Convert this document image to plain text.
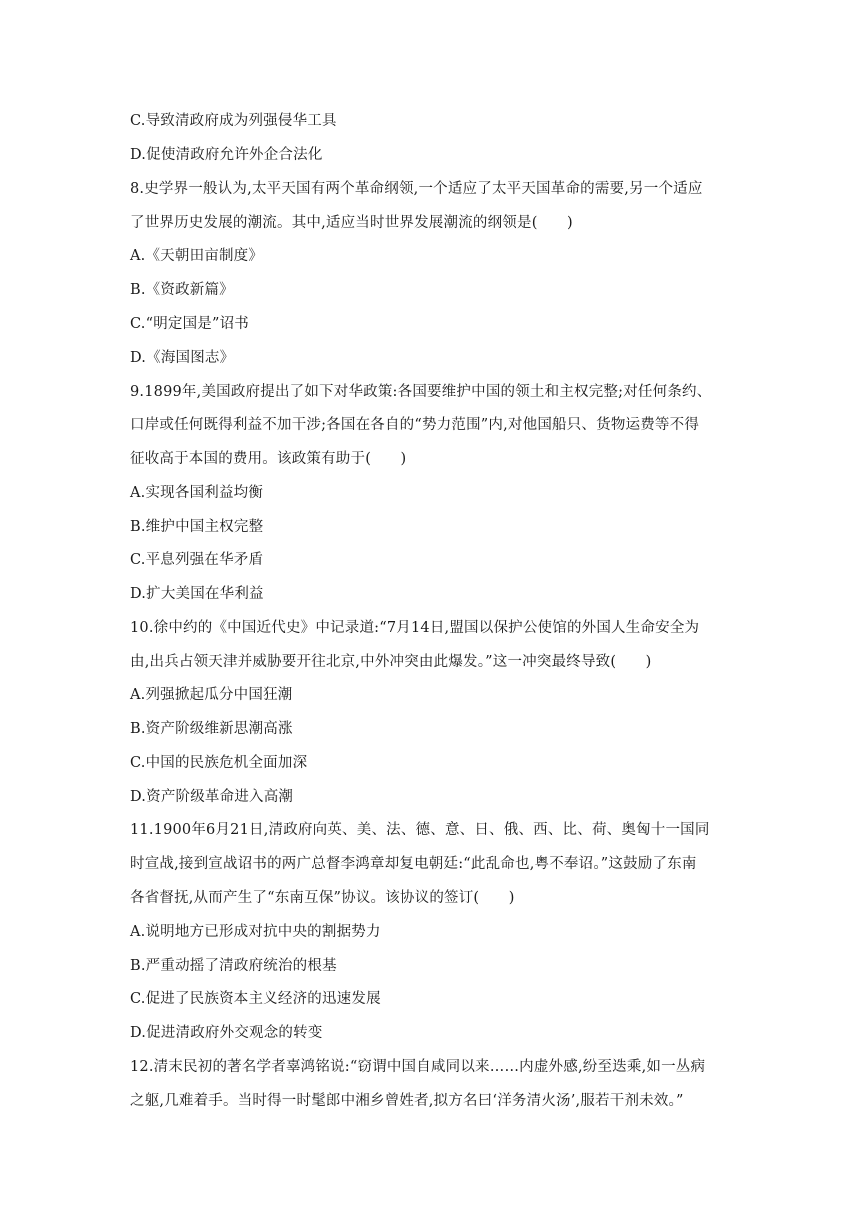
C.导致清政府成为列强侵华工具
D.促使清政府允许外企合法化
8.史学界一般认为,太平天国有两个革命纲领,一个适应了太平天国革命的需要,另一个适应
了世界历史发展的潮流。其中,适应当时世界发展潮流的纲领是(　　)
A.《天朝田亩制度》
B.《资政新篇》
C.“明定国是”诏书
D.《海国图志》
9.1899年,美国政府提出了如下对华政策:各国要维护中国的领土和主权完整;对任何条约、
口岸或任何既得利益不加干涉;各国在各自的“势力范围”内,对他国船只、货物运费等不得
征收高于本国的费用。该政策有助于(　　)
A.实现各国利益均衡
B.维护中国主权完整
C.平息列强在华矛盾
D.扩大美国在华利益
10.徐中约的《中国近代史》中记录道:“7月14日,盟国以保护公使馆的外国人生命安全为
由,出兵占领天津并威胁要开往北京,中外冲突由此爆发。”这一冲突最终导致(　　)
A.列强掀起瓜分中国狂潮
B.资产阶级维新思潮高涨
C.中国的民族危机全面加深
D.资产阶级革命进入高潮
11.1900年6月21日,清政府向英、美、法、德、意、日、俄、西、比、荷、奥匈十一国同
时宣战,接到宣战诏书的两广总督李鸿章却复电朝廷:“此乱命也,粤不奉诏。”这鼓励了东南
各省督抚,从而产生了“东南互保”协议。该协议的签订(　　)
A.说明地方已形成对抗中央的割据势力
B.严重动摇了清政府统治的根基
C.促进了民族资本主义经济的迅速发展
D.促进清政府外交观念的转变
12.清末民初的著名学者辜鸿铭说:“窃谓中国自咸同以来……内虚外感,纷至迭乘,如一丛病
之躯,几难着手。当时得一时髦郎中湘乡曾姓者,拟方名曰‘洋务清火汤’,服若干剂未效。”
